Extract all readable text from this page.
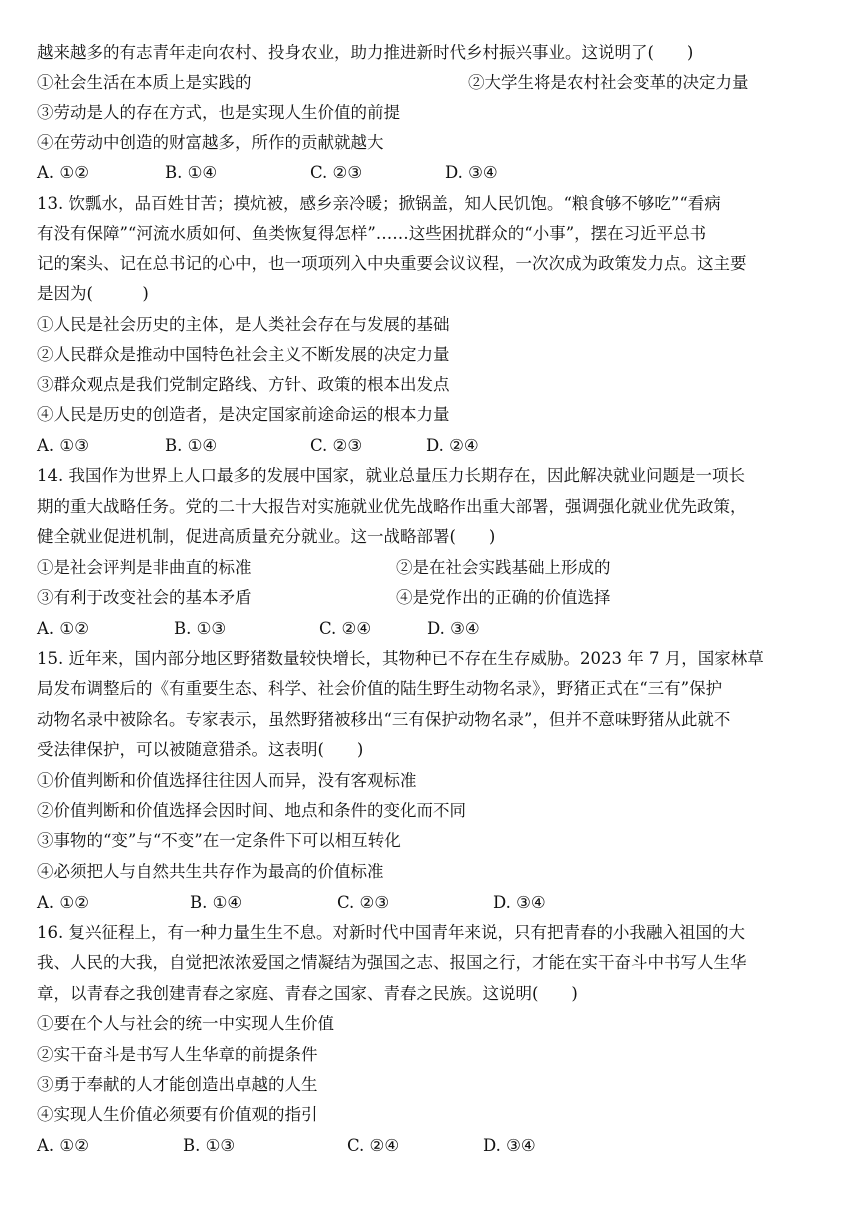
越来越多的有志青年走向农村、投身农业，助力推进新时代乡村振兴事业。这说明了(　　)
①社会生活在本质上是实践的	②大学生将是农村社会变革的决定力量
③劳动是人的存在方式，也是实现人生价值的前提
④在劳动中创造的财富越多，所作的贡献就越大
A. ①②	B. ①④	C. ②③	D. ③④
13. 饮瓢水，品百姓甘苦；摸炕被，感乡亲冷暖；掀锅盖，知人民饥饱。“粮食够不够吃”“看病
有没有保障”“河流水质如何、鱼类恢复得怎样”……这些困扰群众的“小事”，摆在习近平总书
记的案头、记在总书记的心中，也一项项列入中央重要会议议程，一次次成为政策发力点。这主要
是因为(　　　)
①人民是社会历史的主体，是人类社会存在与发展的基础
②人民群众是推动中国特色社会主义不断发展的决定力量
③群众观点是我们党制定路线、方针、政策的根本出发点
④人民是历史的创造者，是决定国家前途命运的根本力量
A. ①③	B. ①④	C. ②③	D. ②④
14. 我国作为世界上人口最多的发展中国家，就业总量压力长期存在，因此解决就业问题是一项长
期的重大战略任务。党的二十大报告对实施就业优先战略作出重大部署，强调强化就业优先政策，
健全就业促进机制，促进高质量充分就业。这一战略部署(　　)
①是社会评判是非曲直的标准	②是在社会实践基础上形成的
③有利于改变社会的基本矛盾	④是党作出的正确的价值选择
A. ①②	B. ①③	C. ②④	D. ③④
15. 近年来，国内部分地区野猪数量较快增长，其物种已不存在生存威胁。2023 年 7 月，国家林草
局发布调整后的《有重要生态、科学、社会价值的陆生野生动物名录》，野猪正式在“三有”保护
动物名录中被除名。专家表示，虽然野猪被移出“三有保护动物名录”，但并不意味野猪从此就不
受法律保护，可以被随意猎杀。这表明(　　)
①价值判断和价值选择往往因人而异，没有客观标准
②价值判断和价值选择会因时间、地点和条件的变化而不同
③事物的“变”与“不变”在一定条件下可以相互转化
④必须把人与自然共生共存作为最高的价值标准
A. ①②	B. ①④	C. ②③	D. ③④
16. 复兴征程上，有一种力量生生不息。对新时代中国青年来说，只有把青春的小我融入祖国的大
我、人民的大我，自觉把浓浓爱国之情凝结为强国之志、报国之行，才能在实干奋斗中书写人生华
章，以青春之我创建青春之家庭、青春之国家、青春之民族。这说明(　　)
①要在个人与社会的统一中实现人生价值
②实干奋斗是书写人生华章的前提条件
③勇于奉献的人才能创造出卓越的人生
④实现人生价值必须要有价值观的指引
A. ①②	B. ①③	C. ②④	D. ③④
